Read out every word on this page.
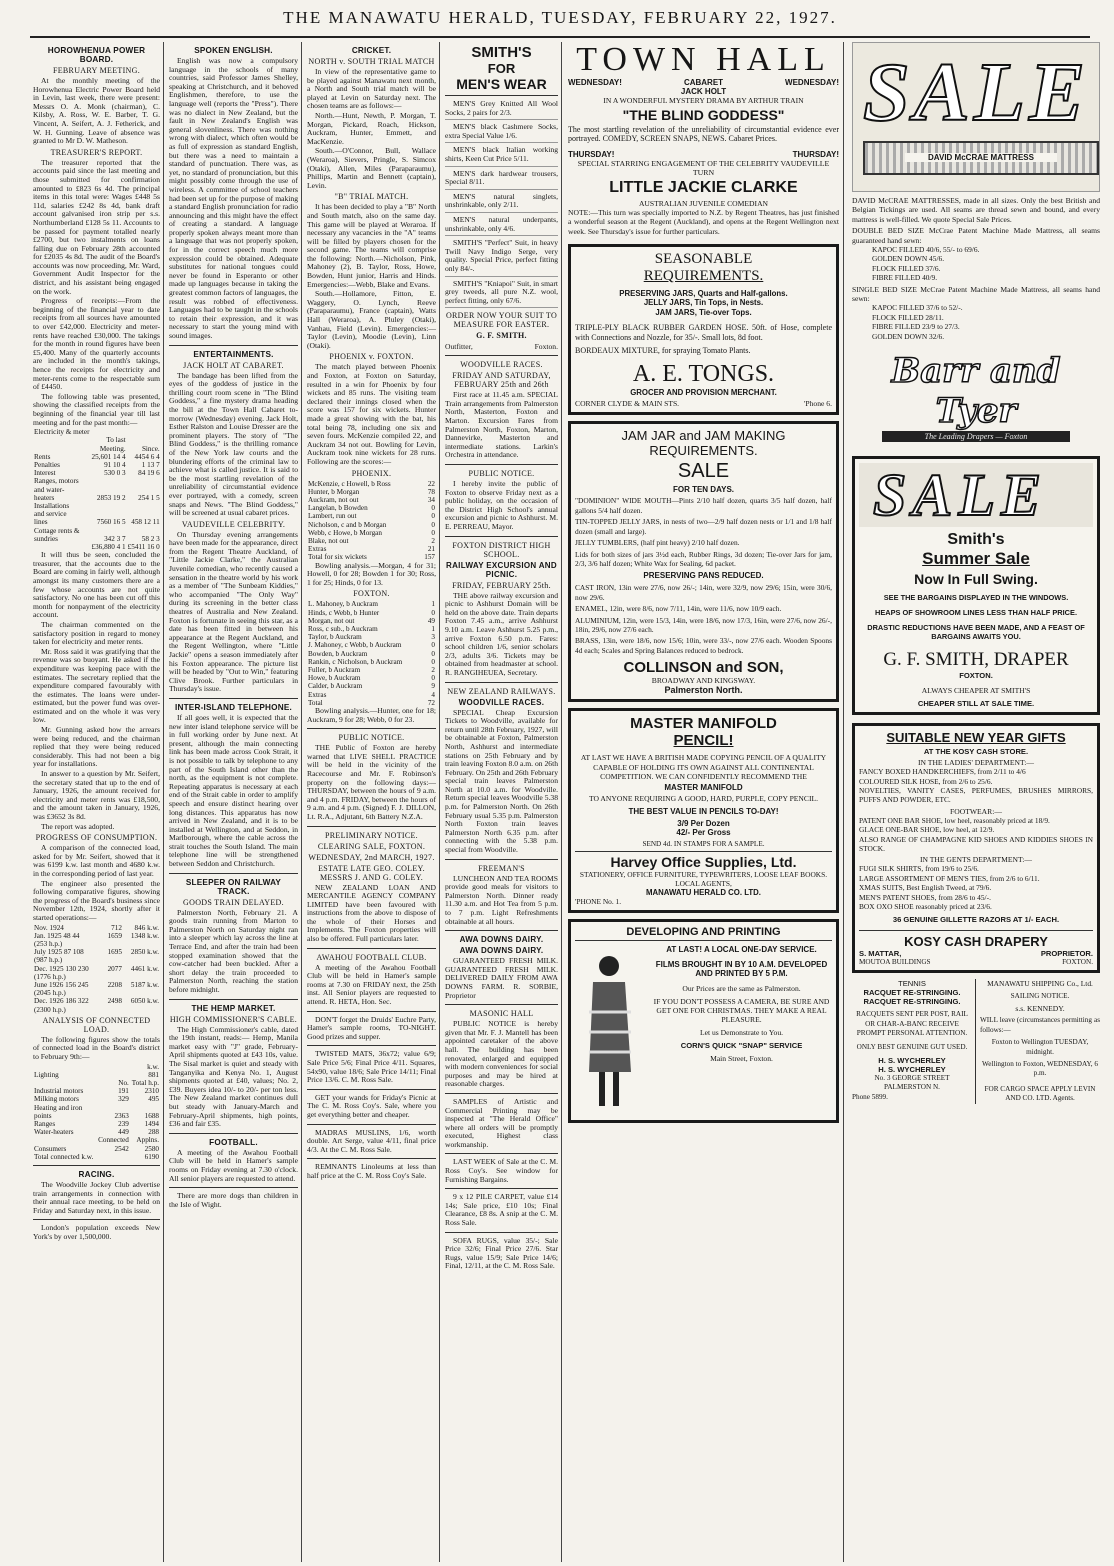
THE MANAWATU HERALD, TUESDAY, FEBRUARY 22, 1927.
HOROWHENUA POWER BOARD.
FEBRUARY MEETING.

At the monthly meeting of the Horowhenua Electric Power Board held in Levin, last week, there were present: Messrs O. A. Monk (chairman), C. Kilsby, A. Ross, W. E. Barber, T. G. Vincent, A. Seifert, A. J. Fetherick, and W. H. Gunning. Leave of absence was granted to Mr D. W. Matheson.

TREASURER'S REPORT.

The treasurer reported that the accounts paid since the last meeting and those submitted for confirmation amounted to £823 6s 4d. The principal items in this total were: Wages £448 5s 11d, salaries £242 8s 4d, bank draft account galvanised iron strip per s.s. Northumberland £128 5s 11. Accounts to be passed for payment totalled nearly £2700, but two instalments on loans falling due on February 28th accounted for £2035 4s 8d. The audit of the Board's accounts was now proceeding, Mr. Ward, Government Audit Inspector for the district, and his assistant being engaged on the work.

Progress of receipts:—From the beginning of the financial year to date receipts from all sources have amounted to over £42,000. Electricity and meter-rents have reached £30,000. The takings for the month in round figures have been £5,400. Many of the quarterly accounts are included in the month's takings, hence the receipts for electricity and meter-rents come to the respectable sum of £4450.

The following table was presented, showing the classified receipts from the beginning of the financial year till last meeting and for the past month:—

Electricity & meter		
	To last	
	Meeting.	Since.
Rents	25,601 14 4	4454 6 4
Penalties	91 10 4	1 13 7
Interest	530 0 3	84 19 6
Ranges, motors		
and water-		
heaters	2853 19 2	254 1 5
Installations		
and service		
lines	7560 16 5	458 12 11
Cottage rents &		
sundries	342 3 7	58 2 3
	£36,880 4 1	£5411 16 0

It will thus be seen, concluded the treasurer, that the accounts due to the Board are coming in fairly well, although amongst its many customers there are a few whose accounts are not quite satisfactory. No one has been cut off this month for nonpayment of the electricity account.

The chairman commented on the satisfactory position in regard to money taken for electricity and meter rents.

Mr. Ross said it was gratifying that the revenue was so buoyant. He asked if the expenditure was keeping pace with the estimates. The secretary replied that the expenditure compared favourably with the estimates. The loans were under-estimated, but the power fund was over-estimated and on the whole it was very low.

Mr. Gunning asked how the arrears were being reduced, and the chairman replied that they were being reduced considerably. This had not been a big year for installations.

In answer to a question by Mr. Seifert, the secretary stated that up to the end of January, 1926, the amount received for electricity and meter rents was £18,500, and the amount taken in January, 1926, was £3652 3s 8d.

The report was adopted.

PROGRESS OF CONSUMPTION.

A comparison of the connected load, asked for by Mr. Seifert, showed that it was 6199 k.w. last month and 4680 k.w. in the corresponding period of last year.

The engineer also presented the following comparative figures, showing the progress of the Board's business since November 12th, 1924, shortly after it started operations:—

Nov. 1924	712	846 k.w.
Jan. 1925 48 44	1659	1348 k.w.
(253 h.p.)		
July 1925 87 108	1695	2850 k.w.
(987 h.p.)		
Dec. 1925 130 230	2077	4461 k.w.
(1776 h.p.)		
June 1926 156 245	2208	5187 k.w.
(2045 h.p.)		
Dec. 1926 186 322	2498	6050 k.w.
(2300 h.p.)		
ANALYSIS OF CONNECTED LOAD.

The following figures show the totals of connected load in the Board's district to February 9th:—

		k.w.
Lighting		881
	No.	Total h.p.
Industrial motors	191	2310
Milking motors	329	495
Heating and iron		
points	2363	1688
Ranges	239	1494
Water-heaters	449	288
	Connected	Applns.
Consumers	2542	2580
Total connected k.w.		6190
RACING.

The Woodville Jockey Club advertise train arrangements in connection with their annual race meeting, to be held on Friday and Saturday next, in this issue.

London's population exceeds New York's by over 1,500,000.

SPOKEN ENGLISH.

English was now a compulsory language in the schools of many countries, said Professor James Shelley, speaking at Christchurch, and it behoved Englishmen, therefore, to use the language well (reports the "Press"). There was no dialect in New Zealand, but the fault in New Zealand's English was general slovenliness. There was nothing wrong with dialect, which often would be as full of expression as standard English, but there was a need to maintain a standard of punctuation. There was, as yet, no standard of pronunciation, but this might possibly come through the use of wireless. A committee of school teachers had been set up for the purpose of making a standard English pronunciation for radio announcing and this might have the effect of creating a standard. A language properly spoken always meant more than a language that was not properly spoken, for in the correct speech much more expression could be obtained. Adequate substitutes for national tongues could never be found in Esperanto or other made up languages because in taking the greatest common factors of languages, the result was robbed of effectiveness. Languages had to be taught in the schools to retain their expression, and it was necessary to start the young mind with sound images.

ENTERTAINMENTS.
JACK HOLT AT CABARET.

The bandage has been lifted from the eyes of the goddess of justice in the thrilling court room scene in "The Blind Goddess," a fine mystery drama heading the bill at the Town Hall Cabaret to-morrow (Wednesday) evening. Jack Holt, Esther Ralston and Louise Dresser are the prominent players. The story of "The Blind Goddess," is the thrilling romance of the New York law courts and the blundering efforts of the criminal law to achieve what is called justice. It is said to be the most startling revelation of the unreliability of circumstantial evidence ever portrayed, with a comedy, screen snaps and News. "The Blind Goddess," will be screened at usual cabaret prices.

VAUDEVILLE CELEBRITY.

On Thursday evening arrangements have been made for the appearance, direct from the Regent Theatre Auckland, of "Little Jackie Clarke," the Australian Juvenile comedian, who recently caused a sensation in the theatre world by his work as a member of "The Sunbeam Kiddies," who accompanied "The Only Way" during its screening in the better class theatres of Australia and New Zealand. Foxton is fortunate in seeing this star, as a date has been fitted in between his appearance at the Regent Auckland, and the Regent Wellington, where "Little Jackie" opens a season immediately after his Foxton appearance. The picture list will be headed by "Out to Win," featuring Clive Brook. Further particulars in Thursday's issue.

INTER-ISLAND TELEPHONE.

If all goes well, it is expected that the new inter island telephone service will be in full working order by June next. At present, although the main connecting link has been made across Cook Strait, it is not possible to talk by telephone to any part of the South Island other than the north, as the equipment is not complete. Repeating apparatus is necessary at each end of the Strait cable in order to amplify speech and ensure distinct hearing over long distances. This apparatus has now arrived in New Zealand, and it is to be installed at Wellington, and at Seddon, in Marlborough, where the cable across the strait touches the South Island. The main telephone line will be strengthened between Seddon and Christchurch.

SLEEPER ON RAILWAY TRACK.
GOODS TRAIN DELAYED.

Palmerston North, February 21. A goods train running from Marton to Palmerston North on Saturday night ran into a sleeper which lay across the line at Terrace End, and after the train had been stopped examination showed that the cow-catcher had been buckled. After a short delay the train proceeded to Palmerston North, reaching the station before midnight.

THE HEMP MARKET.
HIGH COMMISSIONER'S CABLE.

The High Commissioner's cable, dated the 19th instant, reads:— Hemp, Manila market easy with "J" grade, February-April shipments quoted at £43 10s, value. The Sisal market is quiet and steady with Tanganyika and Kenya No. 1, August shipments quoted at £40, values; No. 2, £39. Buyers idea 10/- to 20/- per ton less. The New Zealand market continues dull but steady with January-March and February-April shipments, high points, £36 and fair £35.

FOOTBALL.

A meeting of the Awahou Football Club will be held in Hamer's sample rooms on Friday evening at 7.30 o'clock. All senior players are requested to attend.

There are more dogs than children in the Isle of Wight.

CRICKET.
NORTH v. SOUTH TRIAL MATCH

In view of the representative game to be played against Manawatu next month, a North and South trial match will be played at Levin on Saturday next. The chosen teams are as follows:—

North.—Hunt, Newth, P. Morgan, T. Morgan, Pickard, Roach, Hickson, Auckram, Hunter, Emmett, and MacKenzie.

South.—O'Connor, Bull, Wallace (Weraroa), Sievers, Pringle, S. Simcox (Otaki), Allen, Miles (Paraparaumu), Phillips, Martin and Bennett (captain), Levin.

"B" TRIAL MATCH.

It has been decided to play a "B" North and South match, also on the same day. This game will be played at Weraroa. If necessary any vacancies in the "A" teams will be filled by players chosen for the second game. The teams will comprise the following: North.—Nicholson, Pink, Mahoney (2), B. Taylor, Ross, Howe, Bowden, Hunt junior, Harris and Hinds. Emergencies:—Webb, Blake and Evans.

South.—Hollamore, Fitton, E. Waggery, O. Lynch, Reeve (Paraparaumu), France (captain), Watts Hall (Weraroa), A. Pluley (Otaki), Vanhau, Field (Levin). Emergencies:—Taylor (Levin), Moodie (Levin), Linn (Otaki).

PHOENIX v. FOXTON.

The match played between Phoenix and Foxton, at Foxton on Saturday, resulted in a win for Phoenix by four wickets and 85 runs. The visiting team declared their innings closed when the score was 157 for six wickets. Hunter made a great showing with the bat, his total being 78, including one six and seven fours. McKenzie compiled 22, and Auckram 34 not out. Bowling for Levin, Auckram took nine wickets for 28 runs. Following are the scores:—

PHOENIX.
McKenzie, c Howell, b Ross	22
Hunter, b Morgan	78
Auckram, not out	34
Langelan, b Bowden	0
Lambert, run out	0
Nicholson, c and b Morgan	0
Webb, c Howe, b Morgan	0
Blake, not out	2
Extras	21

Total for six wickets	157

Bowling analysis.—Morgan, 4 for 31; Howell, 0 for 28; Bowden 1 for 30; Ross, 1 for 25; Hinds, 0 for 13.

FOXTON.
L. Mahoney, b Auckram	1
Hinds, c Webb, b Hunter	0
Morgan, not out	49
Ross, c sub., b Auckram	1
Taylor, b Auckram	3
J. Mahoney, c Webb, b Auckram	0
Bowden, b Auckram	0
Rankin, c Nicholson, b Auckram	0
Fuller, b Auckram	2
Howe, b Auckram	0
Calder, b Auckram	9
Extras	4

Total	72

Bowling analysis.—Hunter, one for 18; Auckram, 9 for 28; Webb, 0 for 23.

PUBLIC NOTICE.

THE Public of Foxton are hereby warned that LIVE SHELL PRACTICE will be held in the vicinity of the Racecourse and Mr. F. Robinson's property on the following days:— THURSDAY, between the hours of 9 a.m. and 4 p.m. FRIDAY, between the hours of 9 a.m. and 4 p.m. (Signed) F. J. DILLON, Lt. R.A., Adjutant, 6th Battery N.Z.A.

PRELIMINARY NOTICE.
CLEARING SALE, FOXTON.
WEDNESDAY, 2nd MARCH, 1927.
ESTATE LATE GEO. COLEY. MESSRS J. AND G. COLEY.

NEW ZEALAND LOAN AND MERCANTILE AGENCY COMPANY LIMITED have been favoured with instructions from the above to dispose of the whole of their Horses and Implements. The Foxton properties will also be offered. Full particulars later.

AWAHOU FOOTBALL CLUB.

A meeting of the Awahou Football Club will be held in Hamer's sample rooms at 7.30 on FRIDAY next, the 25th inst. All Senior players are requested to attend. R. HETA, Hon. Sec.

DON'T forget the Druids' Euchre Party, Hamer's sample rooms, TO-NIGHT. Good prizes and supper.

TWISTED MATS, 36x72; value 6/9; Sale Price 5/6; Final Price 4/11. Squares, 54x90, value 18/6; Sale Price 14/11; Final Price 13/6. C. M. Ross Sale.

GET your wands for Friday's Picnic at The C. M. Ross Coy's. Sale, where you get everything better and cheaper.

MADRAS MUSLINS, 1/6, worth double. Art Serge, value 4/11, final price 4/3. At the C. M. Ross Sale.

REMNANTS Linoleums at less than half price at the C. M. Ross Coy's Sale.

SMITH'S
FOR
MEN'S WEAR

MEN'S Grey Knitted All Wool Socks, 2 pairs for 2/3.

MEN'S black Cashmere Socks, extra Special Value 1/6.

MEN'S black Italian working shirts, Keen Cut Price 5/11.

MEN'S dark hardwear trousers, Special 8/11.

MEN'S natural singlets, unshrinkable, only 2/11.

MEN'S natural underpants, unshrinkable, only 4/6.

SMITH'S "Perfect" Suit, in heavy Twill Navy Indigo Serge, very quality. Special Price, perfect fitting only 84/-.

SMITH'S "Kniapoi" Suit, in smart grey tweeds, all pure N.Z. wool, perfect fitting, only 67/6.

ORDER NOW YOUR SUIT TO MEASURE FOR EASTER.
G. F. SMITH.
Outfitter,	Foxton.
WOODVILLE RACES.
FRIDAY AND SATURDAY, FEBRUARY 25th and 26th

First race at 11.45 a.m. SPECIAL Train arrangements from Palmerston North, Masterton, Foxton and Marton. Excursion Fares from Palmerston North, Foxton, Marton, Dannevirke, Masterton and intermediate stations. Larkin's Orchestra in attendance.

PUBLIC NOTICE.

I hereby invite the public of Foxton to observe Friday next as a public holiday, on the occasion of the District High School's annual excursion and picnic to Ashhurst. M. E. PERREAU, Mayor.

FOXTON DISTRICT HIGH SCHOOL.
RAILWAY EXCURSION AND PICNIC.
FRIDAY, FEBRUARY 25th.

THE above railway excursion and picnic to Ashhurst Domain will be held on the above date. Train departs Foxton 7.45 a.m., arrive Ashhurst 9.10 a.m. Leave Ashhurst 5.25 p.m., arrive Foxton 6.50 p.m. Fares: school children 1/6, senior scholars 2/3, adults 3/6. Tickets may be obtained from headmaster at school. R. RANGIHEUEA, Secretary.

NEW ZEALAND RAILWAYS.
WOODVILLE RACES.

SPECIAL Cheap Excursion Tickets to Woodville, available for return until 28th February, 1927, will be obtainable at Foxton, Palmerston North, Ashhurst and intermediate stations on 25th February and by train leaving Foxton 8.0 a.m. on 26th February. On 25th and 26th February special train leaves Palmerston North at 10.0 a.m. for Woodville. Return special leaves Woodville 5.38 p.m. for Palmerston North. On 26th February usual 5.35 p.m. Palmerston North Foxton train leaves Palmerston North 6.35 p.m. after connecting with the 5.38 p.m. special from Woodville.

FREEMAN'S

LUNCHEON AND TEA ROOMS provide good meals for visitors to Palmerston North. Dinner ready 11.30 a.m. and Hot Tea from 5 p.m. to 7 p.m. Light Refreshments obtainable at all hours.

AWA DOWNS DAIRY.
AWA DOWNS DAIRY.

GUARANTEED FRESH MILK. GUARANTEED FRESH MILK. DELIVERED DAILY FROM AWA DOWNS FARM. R. SORBIE, Proprietor

MASONIC HALL

PUBLIC NOTICE is hereby given that Mr. F. J. Mantell has been appointed caretaker of the above hall. The building has been renovated, enlarged and equipped with modern conveniences for social purposes and may be hired at reasonable charges.

SAMPLES of Artistic and Commercial Printing may be inspected at "The Herald Office" where all orders will be promptly executed, Highest class workmanship.

LAST WEEK of Sale at the C. M. Ross Coy's. See window for Furnishing Bargains.

9 x 12 PILE CARPET, value £14 14s; Sale price, £10 10s; Final Clearance, £8 8s. A snip at the C. M. Ross Sale.

SOFA RUGS, value 35/-; Sale Price 32/6; Final Price 27/6. Star Rugs, value 15/9; Sale Price 14/6; Final, 12/11, at the C. M. Ross Sale.

TOWN HALL
WEDNESDAY!	CABARET	WEDNESDAY!
JACK HOLT
IN A WONDERFUL MYSTERY DRAMA BY ARTHUR TRAIN
"THE BLIND GODDESS"

The most startling revelation of the unreliability of circumstantial evidence ever portrayed. COMEDY, SCREEN SNAPS, NEWS. Cabaret Prices.

THURSDAY!	THURSDAY!
SPECIAL STARRING ENGAGEMENT OF THE CELEBRITY VAUDEVILLE TURN
LITTLE JACKIE CLARKE
AUSTRALIAN JUVENILE COMEDIAN

NOTE:—This turn was specially imported to N.Z. by Regent Theatres, has just finished a wonderful season at the Regent (Auckland), and opens at the Regent Wellington next week. See Thursday's issue for further particulars.

SEASONABLE
REQUIREMENTS.

PRESERVING JARS, Quarts and Half-gallons.

JELLY JARS, Tin Tops, in Nests.

JAM JARS, Tie-over Tops.

TRIPLE-PLY BLACK RUBBER GARDEN HOSE. 50ft. of Hose, complete with Connections and Nozzle, for 35/-. Small lots, 8d foot.

BORDEAUX MIXTURE, for spraying Tomato Plants.

A. E. TONGS.
GROCER AND PROVISION MERCHANT.
CORNER CLYDE & MAIN STS.	'Phone 6.
JAM JAR and JAM MAKING
REQUIREMENTS.
SALE
FOR TEN DAYS.

"DOMINION" WIDE MOUTH—Pints 2/10 half dozen, quarts 3/5 half dozen, half gallons 5/4 half dozen.

TIN-TOPPED JELLY JARS, in nests of two—2/9 half dozen nests or 1/1 and 1/8 half dozen (small and large).

JELLY TUMBLERS, (half pint heavy) 2/10 half dozen.

Lids for both sizes of jars 3½d each, Rubber Rings, 3d dozen; Tie-over Jars for jam, 2/3, 3/6 half dozen; White Wax for Sealing, 6d packet.

PRESERVING PANS REDUCED.

CAST IRON, 13in were 27/6, now 26/-; 14in, were 32/9, now 29/6; 15in, were 30/6, now 29/6.

ENAMEL, 12in, were 8/6, now 7/11, 14in, were 11/6, now 10/9 each.

ALUMINIUM, 12in, were 15/3, 14in, were 18/6, now 17/3, 16in, were 27/6, now 26/-, 18in, 29/6, now 27/6 each.

BRASS, 13in, were 18/6, now 15/6; 10in, were 33/-, now 27/6 each. Wooden Spoons 4d each; Scales and Spring Balances reduced to bedrock.

COLLINSON and SON,
BROADWAY AND KINGSWAY.
Palmerston North.
MASTER MANIFOLD
PENCIL!

AT LAST WE HAVE A BRITISH MADE COPYING PENCIL OF A QUALITY CAPABLE OF HOLDING ITS OWN AGAINST ALL CONTINENTAL COMPETITION. WE CAN CONFIDENTLY RECOMMEND THE

MASTER MANIFOLD

TO ANYONE REQUIRING A GOOD, HARD, PURPLE, COPY PENCIL.

THE BEST VALUE IN PENCILS TO-DAY!
3/9 Per Dozen
42/- Per Gross
SEND 4d. IN STAMPS FOR A SAMPLE.
Harvey Office Supplies, Ltd.
STATIONERY, OFFICE FURNITURE, TYPEWRITERS, LOOSE LEAF BOOKS.
LOCAL AGENTS,
MANAWATU HERALD CO. LTD.
'PHONE No. 1.
DEVELOPING AND PRINTING
AT LAST! A LOCAL ONE-DAY SERVICE.
FILMS BROUGHT IN BY 10 A.M. DEVELOPED AND PRINTED BY 5 P.M.
Our Prices are the same as Palmerston.
IF YOU DON'T POSSESS A CAMERA, BE SURE AND GET ONE FOR CHRISTMAS. THEY MAKE A REAL PLEASURE.
Let us Demonstrate to You.
CORN'S QUICK "SNAP" SERVICE
Main Street, Foxton.
SALE
DAVID McCRAE MATTRESS

DAVID McCRAE MATTRESSES, made in all sizes. Only the best British and Belgian Tickings are used. All seams are thread sewn and bound, and every mattress is well-filled. We quote Special Sale Prices.

DOUBLE BED SIZE McCrae Patent Machine Made Mattress, all seams guaranteed hand sewn:

KAPOC FILLED 40/6, 55/- to 69/6.

GOLDEN DOWN 45/6.

FLOCK FILLED 37/6.

FIBRE FILLED 40/9.

SINGLE BED SIZE McCrae Patent Machine Made Mattress, all seams hand sewn:

KAPOC FILLED 37/6 to 52/-.

FLOCK FILLED 28/11.

FIBRE FILLED 23/9 to 27/3.

GOLDEN DOWN 32/6.

Barr and Tyer
The Leading Drapers — Foxton
SALE
Smith's
Summer Sale
Now In Full Swing.
SEE THE BARGAINS DISPLAYED IN THE WINDOWS.
HEAPS OF SHOWROOM LINES LESS THAN HALF PRICE.
DRASTIC REDUCTIONS HAVE BEEN MADE, AND A FEAST OF BARGAINS AWAITS YOU.
G. F. SMITH, DRAPER
FOXTON.
ALWAYS CHEAPER AT SMITH'S
CHEAPER STILL AT SALE TIME.
SUITABLE NEW YEAR GIFTS
AT THE KOSY CASH STORE.
IN THE LADIES' DEPARTMENT:—

FANCY BOXED HANDKERCHIEFS, from 2/11 to 4/6

COLOURED SILK HOSE, from 2/6 to 25/6.

NOVELTIES, VANITY CASES, PERFUMES, BRUSHES MIRRORS, PUFFS AND POWDER, ETC.

FOOTWEAR:—

PATENT ONE BAR SHOE, low heel, reasonably priced at 18/9.

GLACE ONE-BAR SHOE, low heel, at 12/9.

ALSO RANGE OF CHAMPAGNE KID SHOES AND KIDDIES SHOES IN STOCK.

IN THE GENTS DEPARTMENT:—

FUGI SILK SHIRTS, from 19/6 to 25/6.

LARGE ASSORTMENT OF MEN'S TIES, from 2/6 to 6/11.

XMAS SUITS, Best English Tweed, at 79/6.

MEN'S PATENT SHOES, from 28/6 to 45/-.

BOX OXO SHOE reasonably priced at 23/6.

36 GENUINE GILLETTE RAZORS AT 1/- EACH.
KOSY CASH DRAPERY
S. MATTAR,	PROPRIETOR.
MOUTOA BUILDINGS	FOXTON.
TENNIS
RACQUET RE-STRINGING.
RACQUET RE-STRINGING.

RACQUETS SENT PER POST, RAIL OR CHAR-A-BANC RECEIVE PROMPT PERSONAL ATTENTION.

ONLY BEST GENUINE GUT USED.

H. S. WYCHERLEY
H. S. WYCHERLEY

No. 3 GEORGE STREET PALMERSTON N.

Phone 5899.
MANAWATU SHIPPING Co., Ltd.
SAILING NOTICE.
s.s. KENNEDY.

WILL leave (circumstances permitting as follows:—

Foxton to Wellington TUESDAY, midnight.

Wellington to Foxton, WEDNESDAY, 6 p.m.

FOR CARGO SPACE APPLY LEVIN AND CO. LTD. Agents.
